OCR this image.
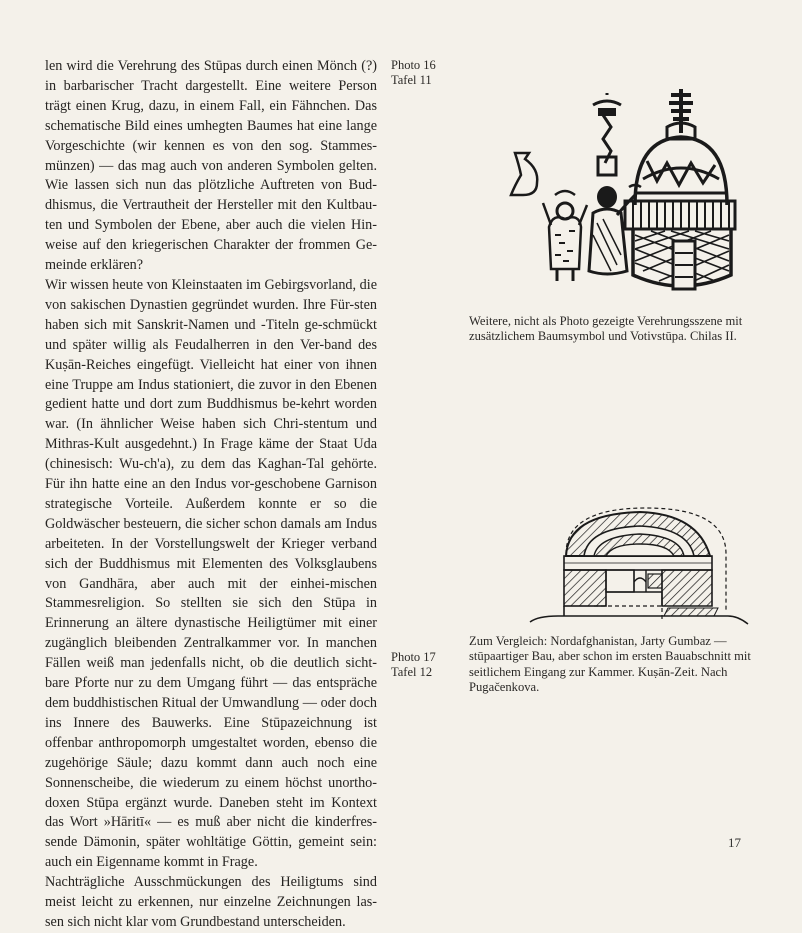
len wird die Verehrung des Stūpas durch einen Mönch (?) in barbarischer Tracht dargestellt. Eine weitere Person trägt einen Krug, dazu, in einem Fall, ein Fähnchen. Das schematische Bild eines umhegten Baumes hat eine lange Vorgeschichte (wir kennen es von den sog. Stammes-münzen) — das mag auch von anderen Symbolen gelten. Wie lassen sich nun das plötzliche Auftreten von Bud-dhismus, die Vertrautheit der Hersteller mit den Kultbau-ten und Symbolen der Ebene, aber auch die vielen Hin-weise auf den kriegerischen Charakter der frommen Ge-meinde erklären?

Wir wissen heute von Kleinstaaten im Gebirgsvorland, die von sakischen Dynastien gegründet wurden. Ihre Für-sten haben sich mit Sanskrit-Namen und -Titeln ge-schmückt und später willig als Feudalherren in den Ver-band des Kuṣān-Reiches eingefügt. Vielleicht hat einer von ihnen eine Truppe am Indus stationiert, die zuvor in den Ebenen gedient hatte und dort zum Buddhismus be-kehrt worden war. (In ähnlicher Weise haben sich Chri-stentum und Mithras-Kult ausgedehnt.) In Frage käme der Staat Uda (chinesisch: Wu-ch'a), zu dem das Kaghan-Tal gehörte. Für ihn hatte eine an den Indus vor-geschobene Garnison strategische Vorteile. Außerdem konnte er so die Goldwäscher besteuern, die sicher schon damals am Indus arbeiteten. In der Vorstellungswelt der Krieger verband sich der Buddhismus mit Elementen des Volksglaubens von Gandhāra, aber auch mit der einhei-mischen Stammesreligion. So stellten sie sich den Stūpa in Erinnerung an ältere dynastische Heiligtümer mit einer zugänglich bleibenden Zentralkammer vor. In manchen Fällen weiß man jedenfalls nicht, ob die deutlich sicht-bare Pforte nur zu dem Umgang führt — das entspräche dem buddhistischen Ritual der Umwandlung — oder doch ins Innere des Bauwerks. Eine Stūpazeichnung ist offenbar anthropomorph umgestaltet worden, ebenso die zugehörige Säule; dazu kommt dann auch noch eine Sonnenscheibe, die wiederum zu einem höchst unortho-doxen Stūpa ergänzt wurde. Daneben steht im Kontext das Wort »Hāritī« — es muß aber nicht die kinderfres-sende Dämonin, später wohltätige Göttin, gemeint sein: auch ein Eigenname kommt in Frage.

Nachträgliche Ausschmückungen des Heiligtums sind meist leicht zu erkennen, nur einzelne Zeichnungen las-sen sich nicht klar vom Grundbestand unterscheiden.

Photo 16
Tafel 11
Photo 17
Tafel 12

Weitere, nicht als Photo gezeigte Verehrungsszene mit zusätzlichem Baumsymbol und Votivstūpa. Chilas II.

Zum Vergleich: Nordafghanistan, Jarty Gumbaz — stūpaartiger Bau, aber schon im ersten Bauabschnitt mit seitlichem Eingang zur Kammer. Kuṣān-Zeit. Nach Pugačenkova.

17
